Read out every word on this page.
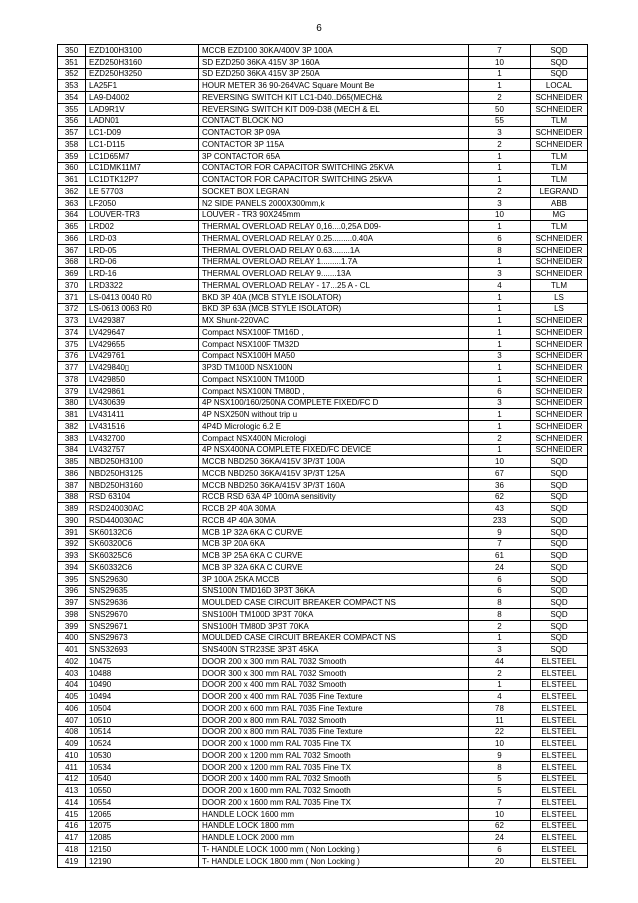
6
350	EZD100H3100	MCCB EZD100 30KA/400V 3P 100A	7	SQD
351	EZD250H3160	SD EZD250 36KA 415V 3P 160A	10	SQD
352	EZD250H3250	SD EZD250 36KA 415V 3P 250A	1	SQD
353	LA25F1	HOUR METER 36 90-264VAC Square Mount Be	1	LOCAL
354	LA9-D4002	REVERSING SWITCH KIT LC1-D40..D65(MECH&	2	SCHNEIDER
355	LAD9R1V	REVERSING SWITCH KIT D09-D38 (MECH & EL	50	SCHNEIDER
356	LADN01	CONTACT BLOCK NO	55	TLM
357	LC1-D09	CONTACTOR 3P 09A	3	SCHNEIDER
358	LC1-D115	CONTACTOR 3P 115A	2	SCHNEIDER
359	LC1D65M7	3P CONTACTOR 65A	1	TLM
360	LC1DMK11M7	CONTACTOR FOR CAPACITOR SWITCHING 25KVA	1	TLM
361	LC1DTK12P7	CONTACTOR FOR CAPACITOR SWITCHING 25kVA	1	TLM
362	LE 57703	SOCKET BOX LEGRAN	2	LEGRAND
363	LF2050	N2 SIDE PANELS 2000X300mm,k	3	ABB
364	LOUVER-TR3	LOUVER - TR3 90X245mm	10	MG
365	LRD02	THERMAL OVERLOAD RELAY 0,16....0,25A D09-	1	TLM
366	LRD-03	THERMAL OVERLOAD RELAY 0.25.........0.40A	6	SCHNEIDER
367	LRD-05	THERMAL OVERLOAD RELAY 0.63........1A	8	SCHNEIDER
368	LRD-06	THERMAL OVERLOAD RELAY 1.........1.7A	1	SCHNEIDER
369	LRD-16	THERMAL OVERLOAD RELAY 9.......13A	3	SCHNEIDER
370	LRD3322	THERMAL OVERLOAD RELAY - 17...25 A - CL	4	TLM
371	LS-0413 0040 R0	BKD 3P 40A (MCB STYLE ISOLATOR)	1	LS
372	LS-0613 0063 R0	BKD 3P 63A (MCB STYLE ISOLATOR)	1	LS
373	LV429387	MX Shunt-220VAC	1	SCHNEIDER
374	LV429647	Compact NSX100F TM16D ,	1	SCHNEIDER
375	LV429655	Compact NSX100F TM32D	1	SCHNEIDER
376	LV429761	Compact NSX100H MA50	3	SCHNEIDER
377	LV429840▯	3P3D TM100D NSX100N	1	SCHNEIDER
378	LV429850	Compact NSX100N TM100D	1	SCHNEIDER
379	LV429861	Compact NSX100N TM80D ,	6	SCHNEIDER
380	LV430639	4P NSX100/160/250NA COMPLETE FIXED/FC D	3	SCHNEIDER
381	LV431411	4P NSX250N without trip u	1	SCHNEIDER
382	LV431516	4P4D Micrologic 6.2 E	1	SCHNEIDER
383	LV432700	Compact NSX400N Micrologi	2	SCHNEIDER
384	LV432757	4P NSX400NA COMPLETE FIXED/FC DEVICE	1	SCHNEIDER
385	NBD250H3100	MCCB NBD250 36KA/415V 3P/3T 100A	10	SQD
386	NBD250H3125	MCCB NBD250 36KA/415V 3P/3T 125A	67	SQD
387	NBD250H3160	MCCB NBD250 36KA/415V 3P/3T 160A	36	SQD
388	RSD 63104	RCCB RSD 63A 4P 100mA sensitivity	62	SQD
389	RSD240030AC	RCCB 2P 40A 30MA	43	SQD
390	RSD440030AC	RCCB 4P 40A 30MA	233	SQD
391	SK60132C6	MCB 1P 32A 6KA C CURVE	9	SQD
392	SK60320C6	MCB 3P 20A 6KA	7	SQD
393	SK60325C6	MCB 3P 25A 6KA C CURVE	61	SQD
394	SK60332C6	MCB 3P 32A 6KA C CURVE	24	SQD
395	SNS29630	3P 100A 25KA MCCB	6	SQD
396	SNS29635	SNS100N TMD16D 3P3T 36KA	6	SQD
397	SNS29636	MOULDED CASE CIRCUIT BREAKER COMPACT NS	8	SQD
398	SNS29670	SNS100H TM100D 3P3T 70KA	8	SQD
399	SNS29671	SNS100H TM80D 3P3T 70KA	2	SQD
400	SNS29673	MOULDED CASE CIRCUIT BREAKER COMPACT NS	1	SQD
401	SNS32693	SNS400N STR23SE 3P3T 45KA	3	SQD
402	10475	DOOR 200 x 300 mm RAL 7032 Smooth	44	ELSTEEL
403	10488	DOOR 300 x 300 mm RAL 7032 Smooth	2	ELSTEEL
404	10490	DOOR 200 x 400 mm RAL 7032 Smooth	1	ELSTEEL
405	10494	DOOR 200 x 400 mm RAL 7035 Fine Texture	4	ELSTEEL
406	10504	DOOR 200 x 600 mm RAL 7035 Fine Texture	78	ELSTEEL
407	10510	DOOR 200 x 800 mm RAL 7032 Smooth	11	ELSTEEL
408	10514	DOOR 200 x 800 mm RAL 7035 Fine Texture	22	ELSTEEL
409	10524	DOOR 200 x 1000 mm RAL 7035 Fine TX	10	ELSTEEL
410	10530	DOOR 200 x 1200 mm RAL 7032 Smooth	9	ELSTEEL
411	10534	DOOR 200 x 1200 mm RAL 7035 Fine TX	8	ELSTEEL
412	10540	DOOR 200 x 1400 mm RAL 7032 Smooth	5	ELSTEEL
413	10550	DOOR 200 x 1600 mm RAL 7032 Smooth	5	ELSTEEL
414	10554	DOOR 200 x 1600 mm RAL 7035 Fine TX	7	ELSTEEL
415	12065	HANDLE LOCK 1600 mm	10	ELSTEEL
416	12075	HANDLE LOCK 1800 mm	62	ELSTEEL
417	12085	HANDLE LOCK 2000 mm	24	ELSTEEL
418	12150	T- HANDLE LOCK 1000 mm ( Non Locking )	6	ELSTEEL
419	12190	T- HANDLE LOCK 1800 mm ( Non Locking )	20	ELSTEEL
